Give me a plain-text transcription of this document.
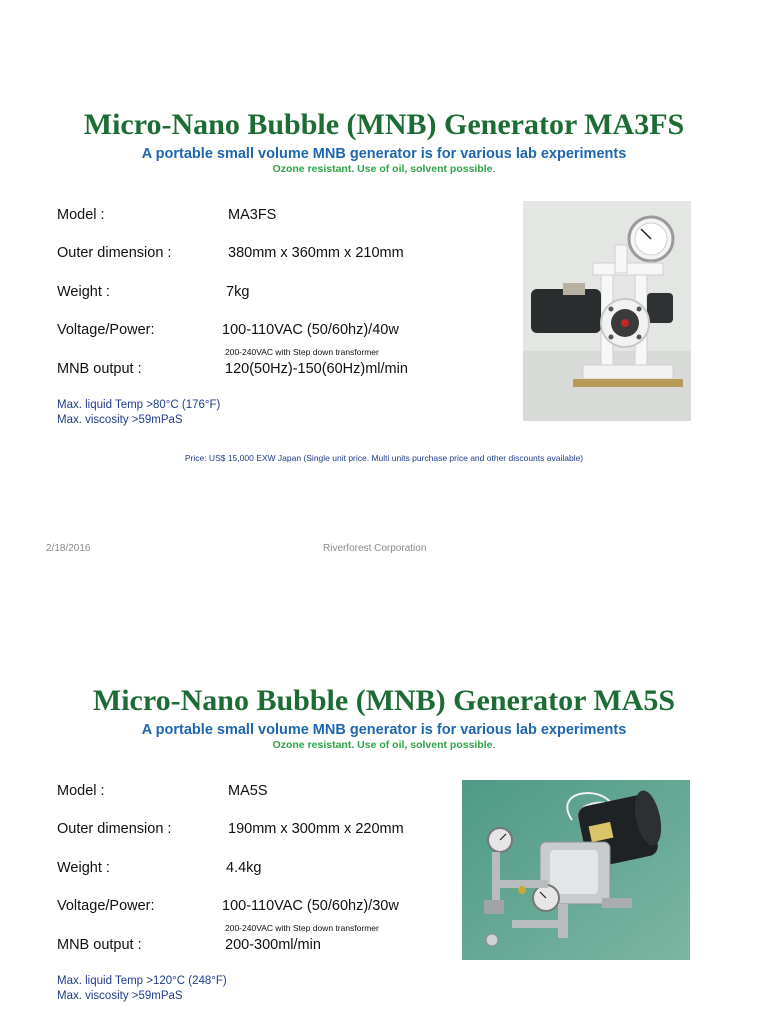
Micro-Nano Bubble (MNB) Generator MA3FS
A portable small volume MNB generator is for various lab experiments
Ozone resistant. Use of oil, solvent possible.
Model :	MA3FS
Outer dimension :	380mm x 360mm x 210mm
Weight :	7kg
Voltage/Power:	100-110VAC (50/60hz)/40w
200-240VAC with Step down transformer
MNB output :	120(50Hz)-150(60Hz)ml/min
Max. liquid Temp >80°C (176°F)
Max. viscosity >59mPaS
Price: US$ 15,000 EXW Japan (Single unit price. Multi units purchase price and other discounts available)
2/18/2016	Riverforest Corporation
Micro-Nano Bubble (MNB) Generator MA5S
A portable small volume MNB generator is for various lab experiments
Ozone resistant. Use of oil, solvent possible.
Model :	MA5S
Outer dimension :	190mm x 300mm x 220mm
Weight :	4.4kg
Voltage/Power:	100-110VAC (50/60hz)/30w
200-240VAC with Step down transformer
MNB output :	200-300ml/min
Max. liquid Temp >120°C (248°F)
Max. viscosity >59mPaS
